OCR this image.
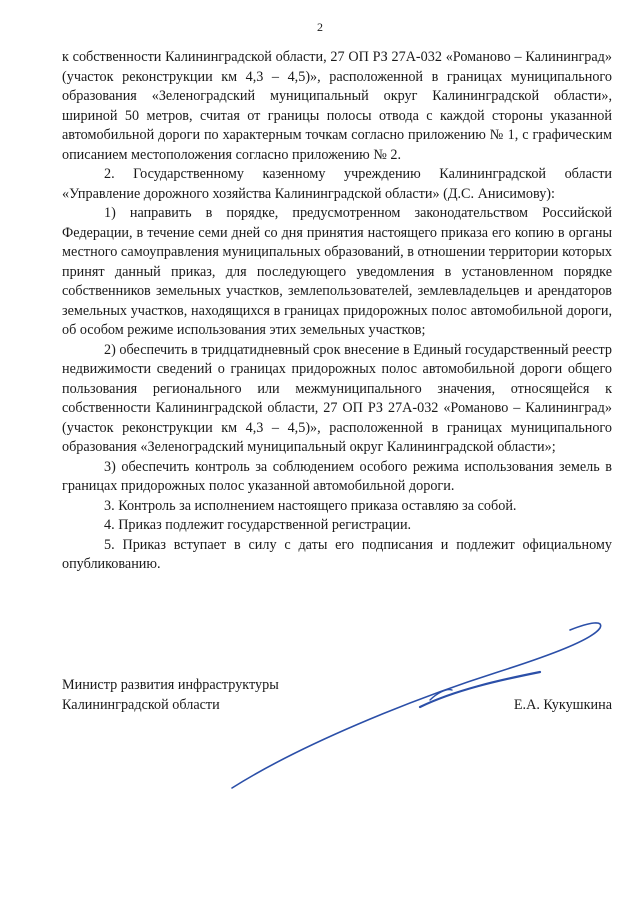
2

к собственности Калининградской области, 27 ОП РЗ 27А-032 «Романово – Калининград» (участок реконструкции км 4,3 – 4,5)», расположенной в границах муниципального образования «Зеленоградский муниципальный округ Калининградской области», шириной 50 метров, считая от границы полосы отвода с каждой стороны указанной автомобильной дороги по характерным точкам согласно приложению № 1, с графическим описанием местоположения согласно приложению № 2.

2. Государственному казенному учреждению Калининградской области «Управление дорожного хозяйства Калининградской области» (Д.С. Анисимову):

1) направить в порядке, предусмотренном законодательством Российской Федерации, в течение семи дней со дня принятия настоящего приказа его копию в органы местного самоуправления муниципальных образований, в отношении территории которых принят данный приказ, для последующего уведомления в установленном порядке собственников земельных участков, землепользователей, землевладельцев и арендаторов земельных участков, находящихся в границах придорожных полос автомобильной дороги, об особом режиме использования этих земельных участков;

2) обеспечить в тридцатидневный срок внесение в Единый государственный реестр недвижимости сведений о границах придорожных полос автомобильной дороги общего пользования регионального или межмуниципального значения, относящейся к собственности Калининградской области, 27 ОП РЗ 27А-032 «Романово – Калининград» (участок реконструкции км 4,3 – 4,5)», расположенной в границах муниципального образования «Зеленоградский муниципальный округ Калининградской области»;

3) обеспечить контроль за соблюдением особого режима использования земель в границах придорожных полос указанной автомобильной дороги.

3. Контроль за исполнением настоящего приказа оставляю за собой.

4. Приказ подлежит государственной регистрации.

5. Приказ вступает в силу с даты его подписания и подлежит официальному опубликованию.

Министр развития инфраструктуры
Калининградской области	Е.А. Кукушкина
